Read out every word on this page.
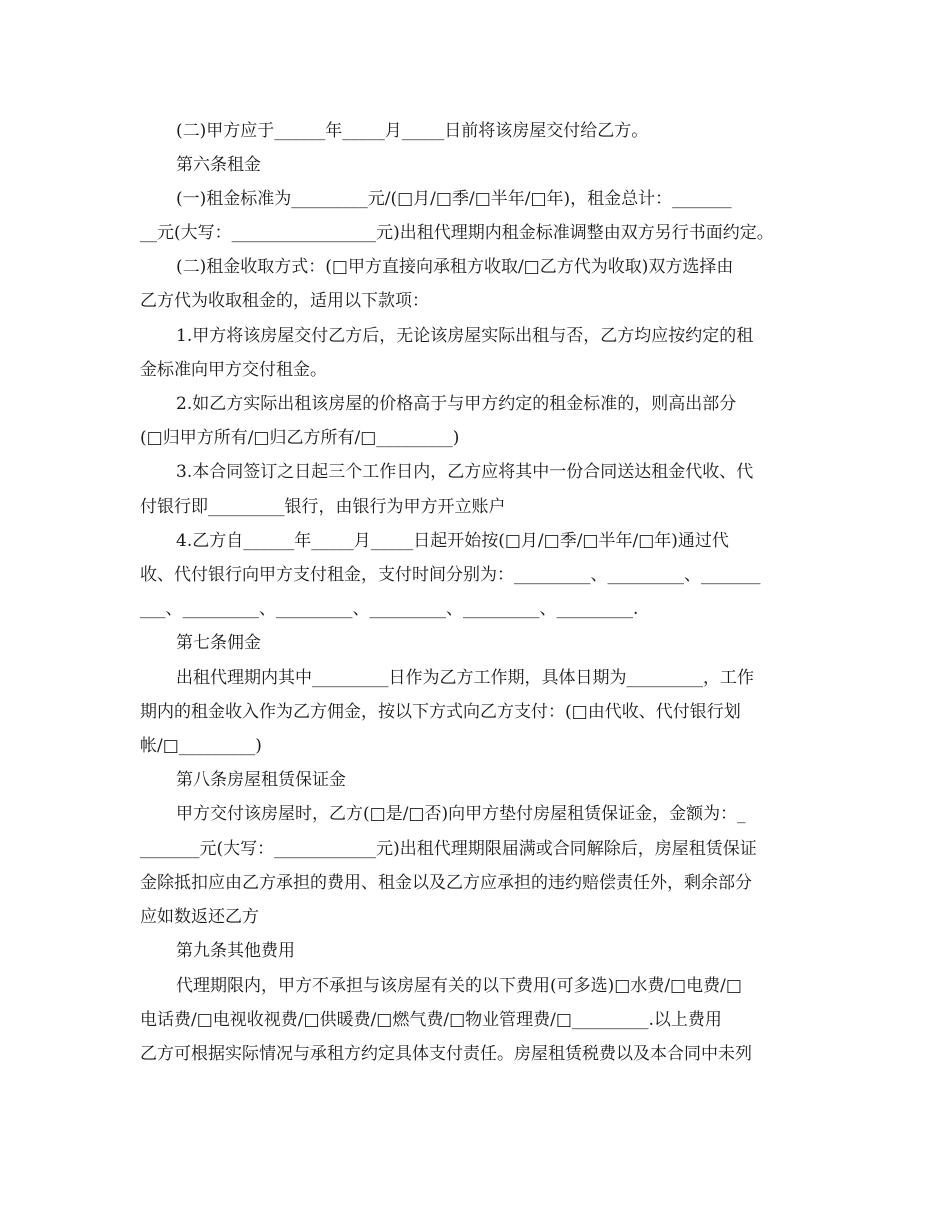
(二)甲方应于______年_____月_____日前将该房屋交付给乙方。
第六条租金
(一)租金标准为_________元/(□月/□季/□半年/□年)，租金总计：_______
__元(大写：_________________元)出租代理期内租金标准调整由双方另行书面约定。
(二)租金收取方式：(□甲方直接向承租方收取/□乙方代为收取)双方选择由
乙方代为收取租金的，适用以下款项：
1.甲方将该房屋交付乙方后，无论该房屋实际出租与否，乙方均应按约定的租
金标准向甲方交付租金。
2.如乙方实际出租该房屋的价格高于与甲方约定的租金标准的，则高出部分
(□归甲方所有/□归乙方所有/□_________)
3.本合同签订之日起三个工作日内，乙方应将其中一份合同送达租金代收、代
付银行即_________银行，由银行为甲方开立账户
4.乙方自______年_____月_____日起开始按(□月/□季/□半年/□年)通过代
收、代付银行向甲方支付租金，支付时间分别为：_________、_________、_______
___、_________、_________、_________、_________、_________.
第七条佣金
出租代理期内其中_________日作为乙方工作期，具体日期为_________，工作
期内的租金收入作为乙方佣金，按以下方式向乙方支付：(□由代收、代付银行划
帐/□_________)
第八条房屋租赁保证金
甲方交付该房屋时，乙方(□是/□否)向甲方垫付房屋租赁保证金，金额为：_
_______元(大写：____________元)出租代理期限届满或合同解除后，房屋租赁保证
金除抵扣应由乙方承担的费用、租金以及乙方应承担的违约赔偿责任外，剩余部分
应如数返还乙方
第九条其他费用
代理期限内，甲方不承担与该房屋有关的以下费用(可多选)□水费/□电费/□
电话费/□电视收视费/□供暖费/□燃气费/□物业管理费/□_________.以上费用
乙方可根据实际情况与承租方约定具体支付责任。房屋租赁税费以及本合同中未列
